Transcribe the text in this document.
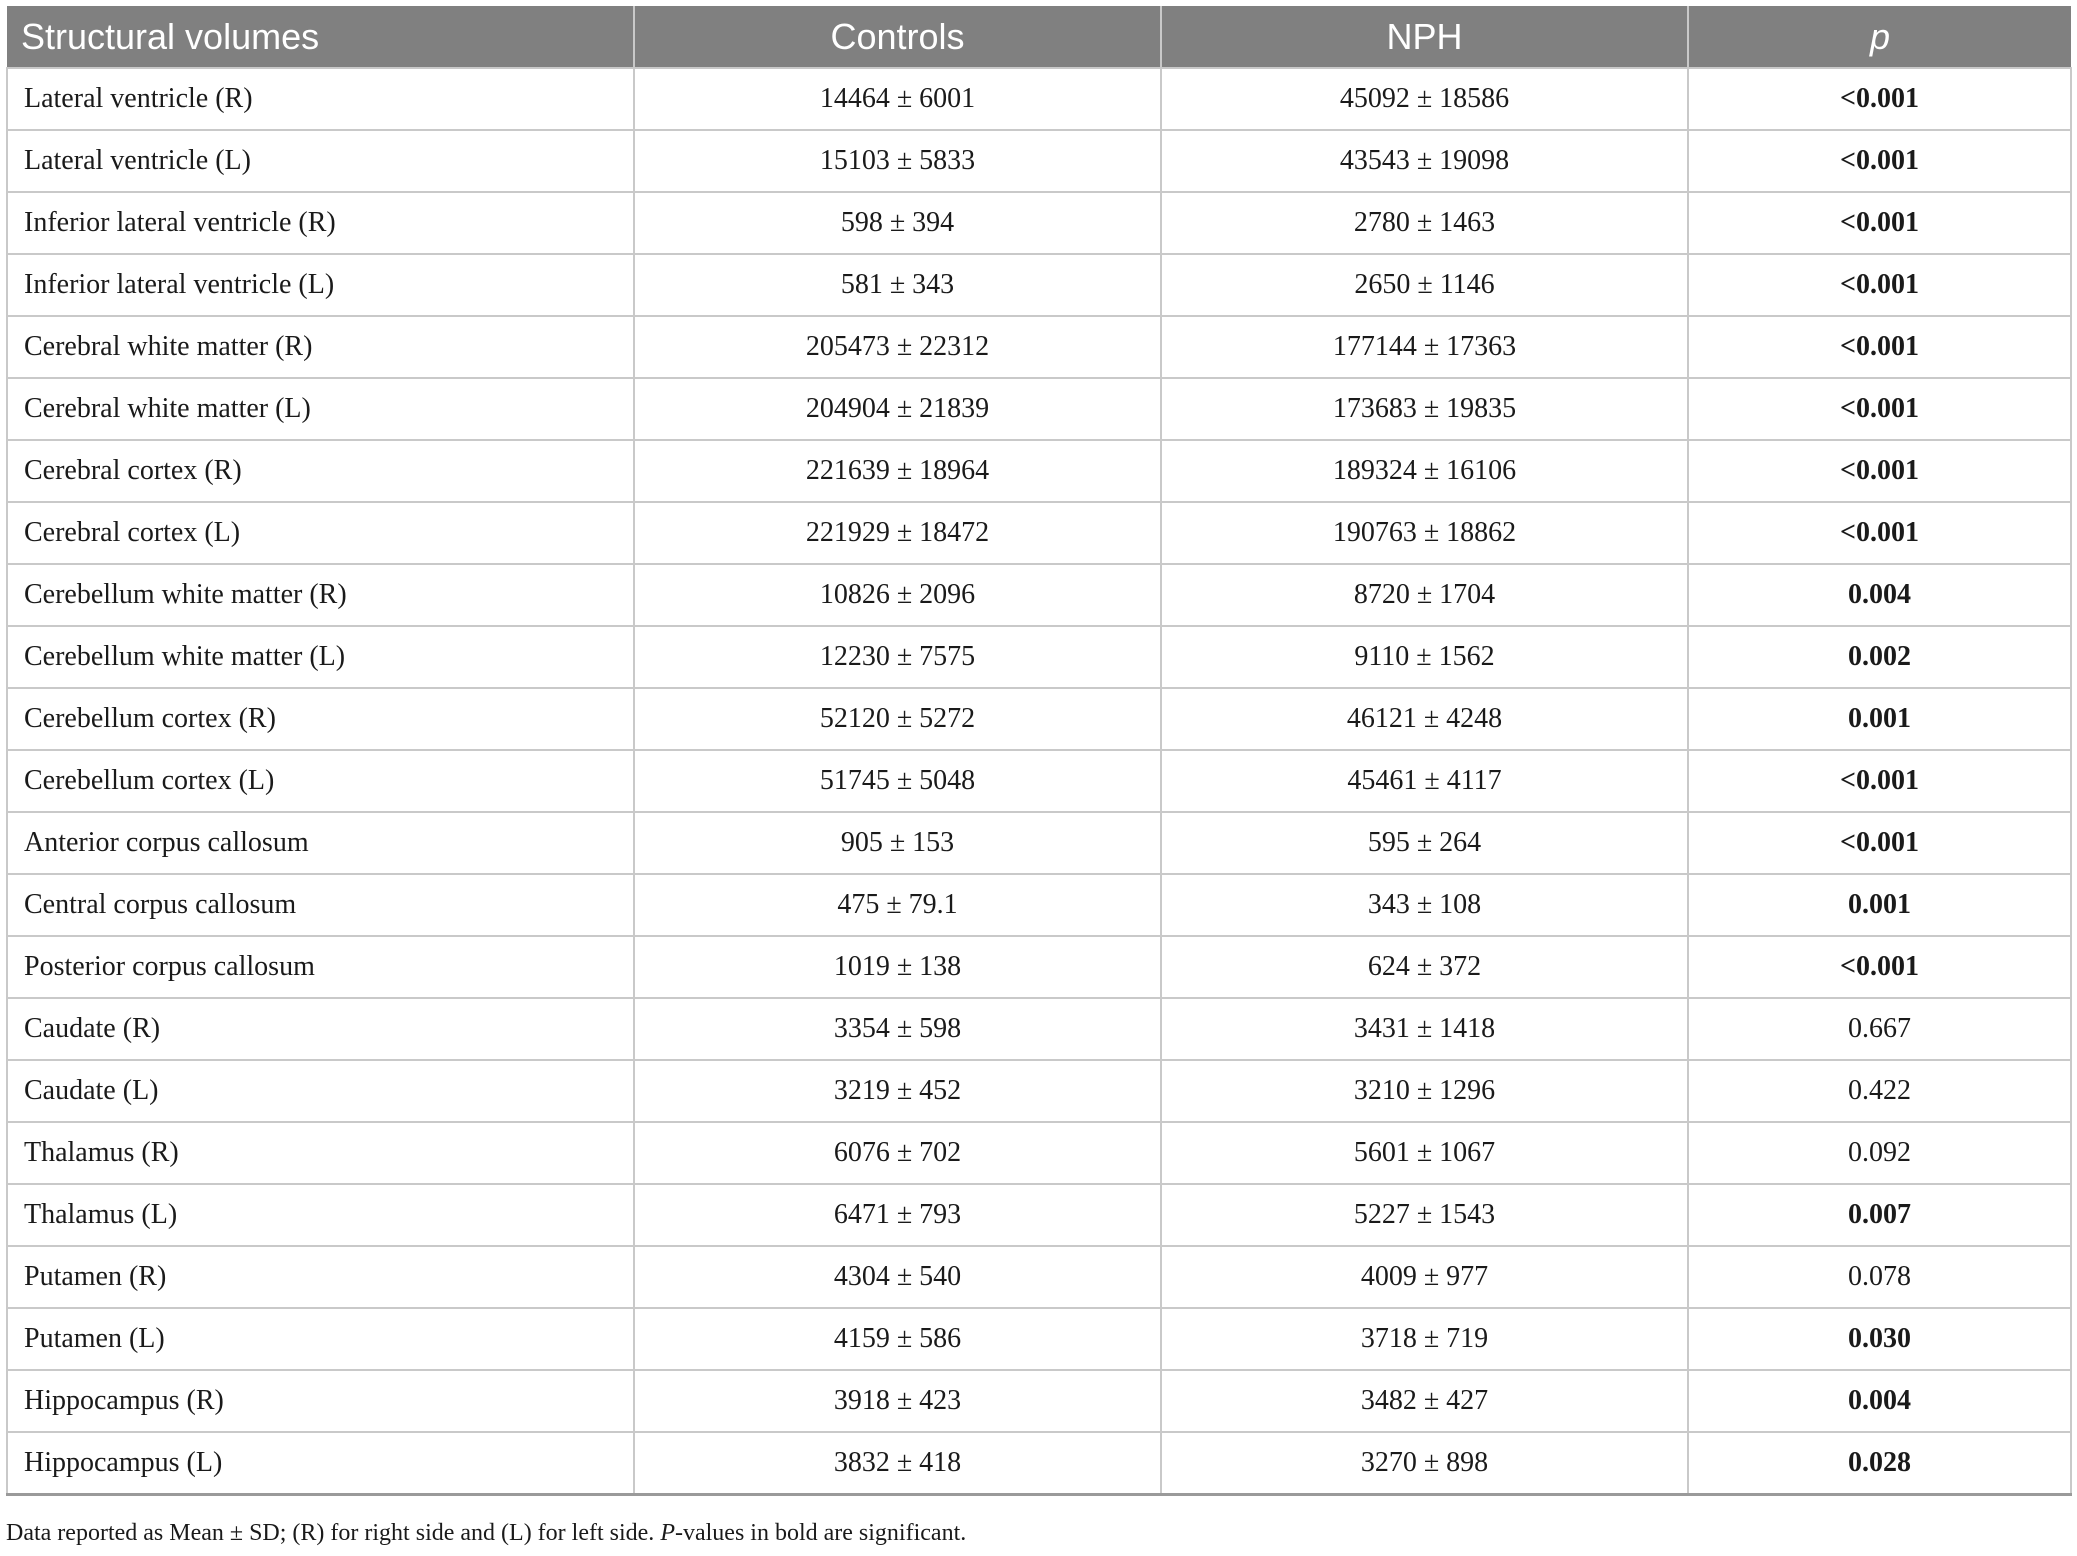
Structural volumes	Controls	NPH	p
Lateral ventricle (R)	14464 ± 6001	45092 ± 18586	<0.001
Lateral ventricle (L)	15103 ± 5833	43543 ± 19098	<0.001
Inferior lateral ventricle (R)	598 ± 394	2780 ± 1463	<0.001
Inferior lateral ventricle (L)	581 ± 343	2650 ± 1146	<0.001
Cerebral white matter (R)	205473 ± 22312	177144 ± 17363	<0.001
Cerebral white matter (L)	204904 ± 21839	173683 ± 19835	<0.001
Cerebral cortex (R)	221639 ± 18964	189324 ± 16106	<0.001
Cerebral cortex (L)	221929 ± 18472	190763 ± 18862	<0.001
Cerebellum white matter (R)	10826 ± 2096	8720 ± 1704	0.004
Cerebellum white matter (L)	12230 ± 7575	9110 ± 1562	0.002
Cerebellum cortex (R)	52120 ± 5272	46121 ± 4248	0.001
Cerebellum cortex (L)	51745 ± 5048	45461 ± 4117	<0.001
Anterior corpus callosum	905 ± 153	595 ± 264	<0.001
Central corpus callosum	475 ± 79.1	343 ± 108	0.001
Posterior corpus callosum	1019 ± 138	624 ± 372	<0.001
Caudate (R)	3354 ± 598	3431 ± 1418	0.667
Caudate (L)	3219 ± 452	3210 ± 1296	0.422
Thalamus (R)	6076 ± 702	5601 ± 1067	0.092
Thalamus (L)	6471 ± 793	5227 ± 1543	0.007
Putamen (R)	4304 ± 540	4009 ± 977	0.078
Putamen (L)	4159 ± 586	3718 ± 719	0.030
Hippocampus (R)	3918 ± 423	3482 ± 427	0.004
Hippocampus (L)	3832 ± 418	3270 ± 898	0.028
Data reported as Mean ± SD; (R) for right side and (L) for left side. P-values in bold are significant.
